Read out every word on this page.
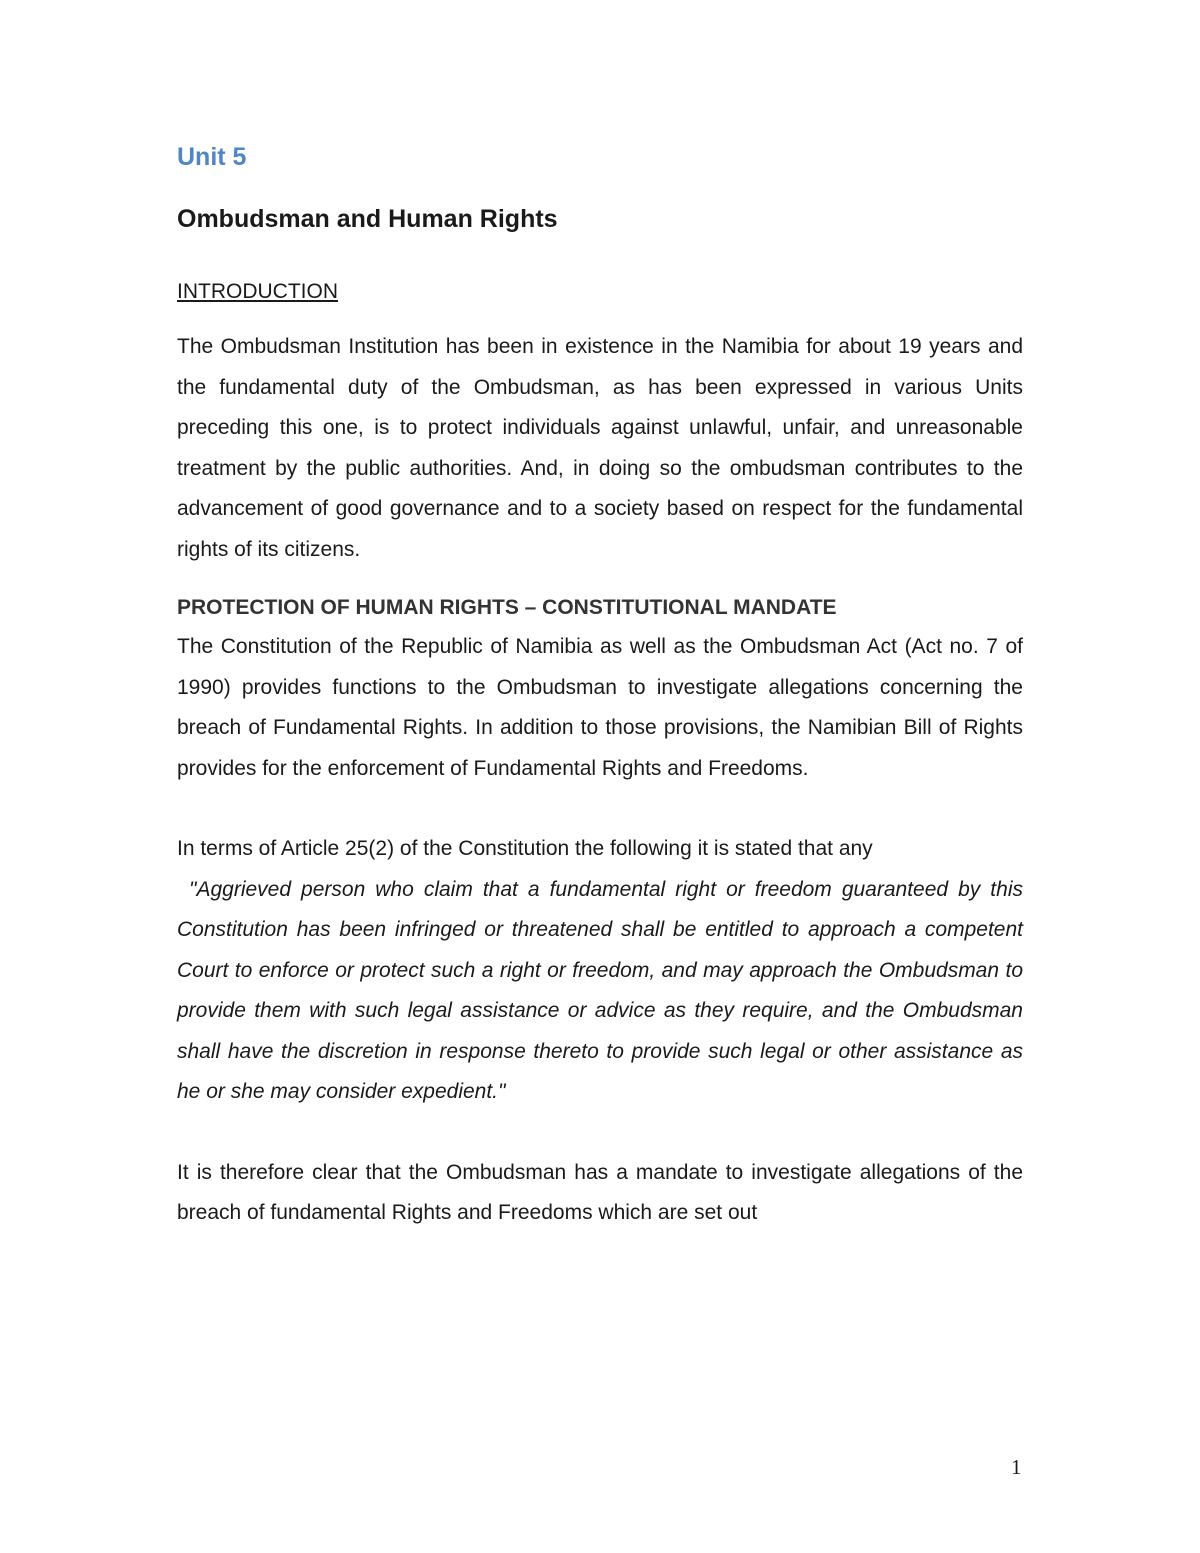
Unit 5
Ombudsman and Human Rights
INTRODUCTION

The Ombudsman Institution has been in existence in the Namibia for about 19 years and the fundamental duty of the Ombudsman, as has been expressed in various Units preceding this one, is to protect individuals against unlawful, unfair, and unreasonable treatment by the public authorities. And, in doing so the ombudsman contributes to the advancement of good governance and to a society based on respect for the fundamental rights of its citizens.

PROTECTION OF HUMAN RIGHTS – CONSTITUTIONAL MANDATE

The Constitution of the Republic of Namibia as well as the Ombudsman Act (Act no. 7 of 1990) provides functions to the Ombudsman to investigate allegations concerning the breach of Fundamental Rights. In addition to those provisions, the Namibian Bill of Rights provides for the enforcement of Fundamental Rights and Freedoms.

In terms of Article 25(2) of the Constitution the following it is stated that any

"Aggrieved person who claim that a fundamental right or freedom guaranteed by this Constitution has been infringed or threatened shall be entitled to approach a competent Court to enforce or protect such a right or freedom, and may approach the Ombudsman to provide them with such legal assistance or advice as they require, and the Ombudsman shall have the discretion in response thereto to provide such legal or other assistance as he or she may consider expedient."

It is therefore clear that the Ombudsman has a mandate to investigate allegations of the breach of fundamental Rights and Freedoms which are set out

1
